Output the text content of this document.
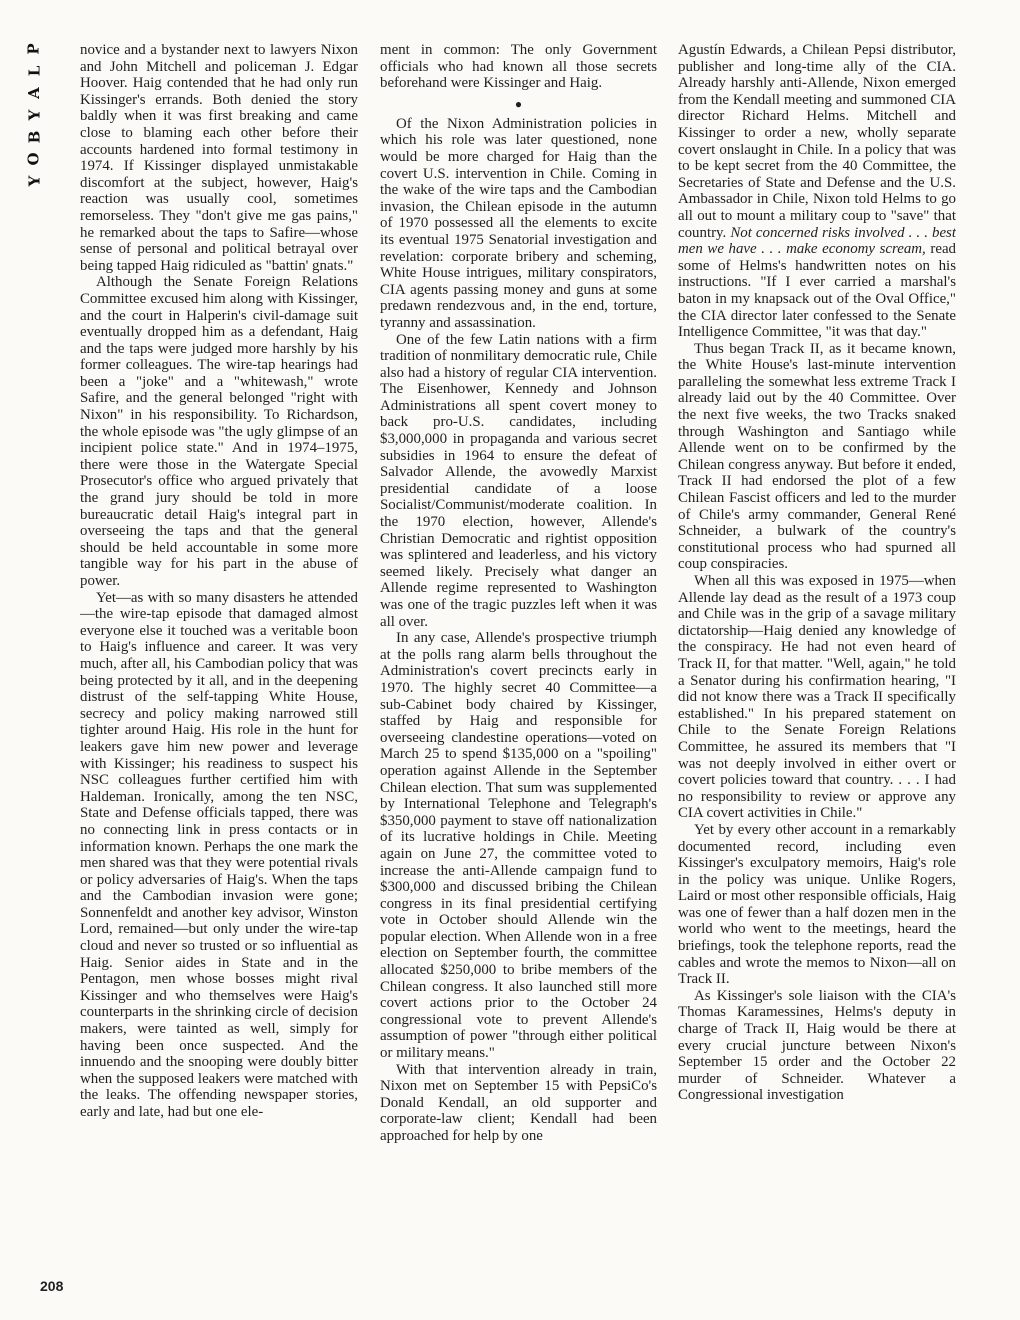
P
L
A
Y
B
O
Y
208

novice and a bystander next to lawyers Nixon and John Mitchell and policeman J. Edgar Hoover. Haig contended that he had only run Kissinger's errands. Both denied the story baldly when it was first breaking and came close to blaming each other before their accounts hardened into formal testimony in 1974. If Kissinger displayed unmistakable discomfort at the subject, however, Haig's reaction was usually cool, sometimes remorseless. They "don't give me gas pains," he remarked about the taps to Safire—whose sense of personal and political betrayal over being tapped Haig ridiculed as "battin' gnats."

Although the Senate Foreign Relations Committee excused him along with Kissinger, and the court in Halperin's civil-damage suit eventually dropped him as a defendant, Haig and the taps were judged more harshly by his former colleagues. The wire-tap hearings had been a "joke" and a "whitewash," wrote Safire, and the general belonged "right with Nixon" in his responsibility. To Richardson, the whole episode was "the ugly glimpse of an incipient police state." And in 1974–1975, there were those in the Watergate Special Prosecutor's office who argued privately that the grand jury should be told in more bureaucratic detail Haig's integral part in overseeing the taps and that the general should be held accountable in some more tangible way for his part in the abuse of power.

Yet—as with so many disasters he attended—the wire-tap episode that damaged almost everyone else it touched was a veritable boon to Haig's influence and career. It was very much, after all, his Cambodian policy that was being protected by it all, and in the deepening distrust of the self-tapping White House, secrecy and policy making narrowed still tighter around Haig. His role in the hunt for leakers gave him new power and leverage with Kissinger; his readiness to suspect his NSC colleagues further certified him with Haldeman. Ironically, among the ten NSC, State and Defense officials tapped, there was no connecting link in press contacts or in information known. Perhaps the one mark the men shared was that they were potential rivals or policy adversaries of Haig's. When the taps and the Cambodian invasion were gone; Sonnenfeldt and another key advisor, Winston Lord, remained—but only under the wire-tap cloud and never so trusted or so influential as Haig. Senior aides in State and in the Pentagon, men whose bosses might rival Kissinger and who themselves were Haig's counterparts in the shrinking circle of decision makers, were tainted as well, simply for having been once suspected. And the innuendo and the snooping were doubly bitter when the supposed leakers were matched with the leaks. The offending newspaper stories, early and late, had but one ele-

ment in common: The only Government officials who had known all those secrets beforehand were Kissinger and Haig.

●

Of the Nixon Administration policies in which his role was later questioned, none would be more charged for Haig than the covert U.S. intervention in Chile. Coming in the wake of the wire taps and the Cambodian invasion, the Chilean episode in the autumn of 1970 possessed all the elements to excite its eventual 1975 Senatorial investigation and revelation: corporate bribery and scheming, White House intrigues, military conspirators, CIA agents passing money and guns at some predawn rendezvous and, in the end, torture, tyranny and assassination.

One of the few Latin nations with a firm tradition of nonmilitary democratic rule, Chile also had a history of regular CIA intervention. The Eisenhower, Kennedy and Johnson Administrations all spent covert money to back pro-U.S. candidates, including $3,000,000 in propaganda and various secret subsidies in 1964 to ensure the defeat of Salvador Allende, the avowedly Marxist presidential candidate of a loose Socialist/Communist/moderate coalition. In the 1970 election, however, Allende's Christian Democratic and rightist opposition was splintered and leaderless, and his victory seemed likely. Precisely what danger an Allende regime represented to Washington was one of the tragic puzzles left when it was all over.

In any case, Allende's prospective triumph at the polls rang alarm bells throughout the Administration's covert precincts early in 1970. The highly secret 40 Committee—a sub-Cabinet body chaired by Kissinger, staffed by Haig and responsible for overseeing clandestine operations—voted on March 25 to spend $135,000 on a "spoiling" operation against Allende in the September Chilean election. That sum was supplemented by International Telephone and Telegraph's $350,000 payment to stave off nationalization of its lucrative holdings in Chile. Meeting again on June 27, the committee voted to increase the anti-Allende campaign fund to $300,000 and discussed bribing the Chilean congress in its final presidential certifying vote in October should Allende win the popular election. When Allende won in a free election on September fourth, the committee allocated $250,000 to bribe members of the Chilean congress. It also launched still more covert actions prior to the October 24 congressional vote to prevent Allende's assumption of power "through either political or military means."

With that intervention already in train, Nixon met on September 15 with PepsiCo's Donald Kendall, an old supporter and corporate-law client; Kendall had been approached for help by one

Agustín Edwards, a Chilean Pepsi distributor, publisher and long-time ally of the CIA. Already harshly anti-Allende, Nixon emerged from the Kendall meeting and summoned CIA director Richard Helms. Mitchell and Kissinger to order a new, wholly separate covert onslaught in Chile. In a policy that was to be kept secret from the 40 Committee, the Secretaries of State and Defense and the U.S. Ambassador in Chile, Nixon told Helms to go all out to mount a military coup to "save" that country. Not concerned risks involved . . . best men we have . . . make economy scream, read some of Helms's handwritten notes on his instructions. "If I ever carried a marshal's baton in my knapsack out of the Oval Office," the CIA director later confessed to the Senate Intelligence Committee, "it was that day."

Thus began Track II, as it became known, the White House's last-minute intervention paralleling the somewhat less extreme Track I already laid out by the 40 Committee. Over the next five weeks, the two Tracks snaked through Washington and Santiago while Allende went on to be confirmed by the Chilean congress anyway. But before it ended, Track II had endorsed the plot of a few Chilean Fascist officers and led to the murder of Chile's army commander, General René Schneider, a bulwark of the country's constitutional process who had spurned all coup conspiracies.

When all this was exposed in 1975—when Allende lay dead as the result of a 1973 coup and Chile was in the grip of a savage military dictatorship—Haig denied any knowledge of the conspiracy. He had not even heard of Track II, for that matter. "Well, again," he told a Senator during his confirmation hearing, "I did not know there was a Track II specifically established." In his prepared statement on Chile to the Senate Foreign Relations Committee, he assured its members that "I was not deeply involved in either overt or covert policies toward that country. . . . I had no responsibility to review or approve any CIA covert activities in Chile."

Yet by every other account in a remarkably documented record, including even Kissinger's exculpatory memoirs, Haig's role in the policy was unique. Unlike Rogers, Laird or most other responsible officials, Haig was one of fewer than a half dozen men in the world who went to the meetings, heard the briefings, took the telephone reports, read the cables and wrote the memos to Nixon—all on Track II.

As Kissinger's sole liaison with the CIA's Thomas Karamessines, Helms's deputy in charge of Track II, Haig would be there at every crucial juncture between Nixon's September 15 order and the October 22 murder of Schneider. Whatever a Congressional investigation
